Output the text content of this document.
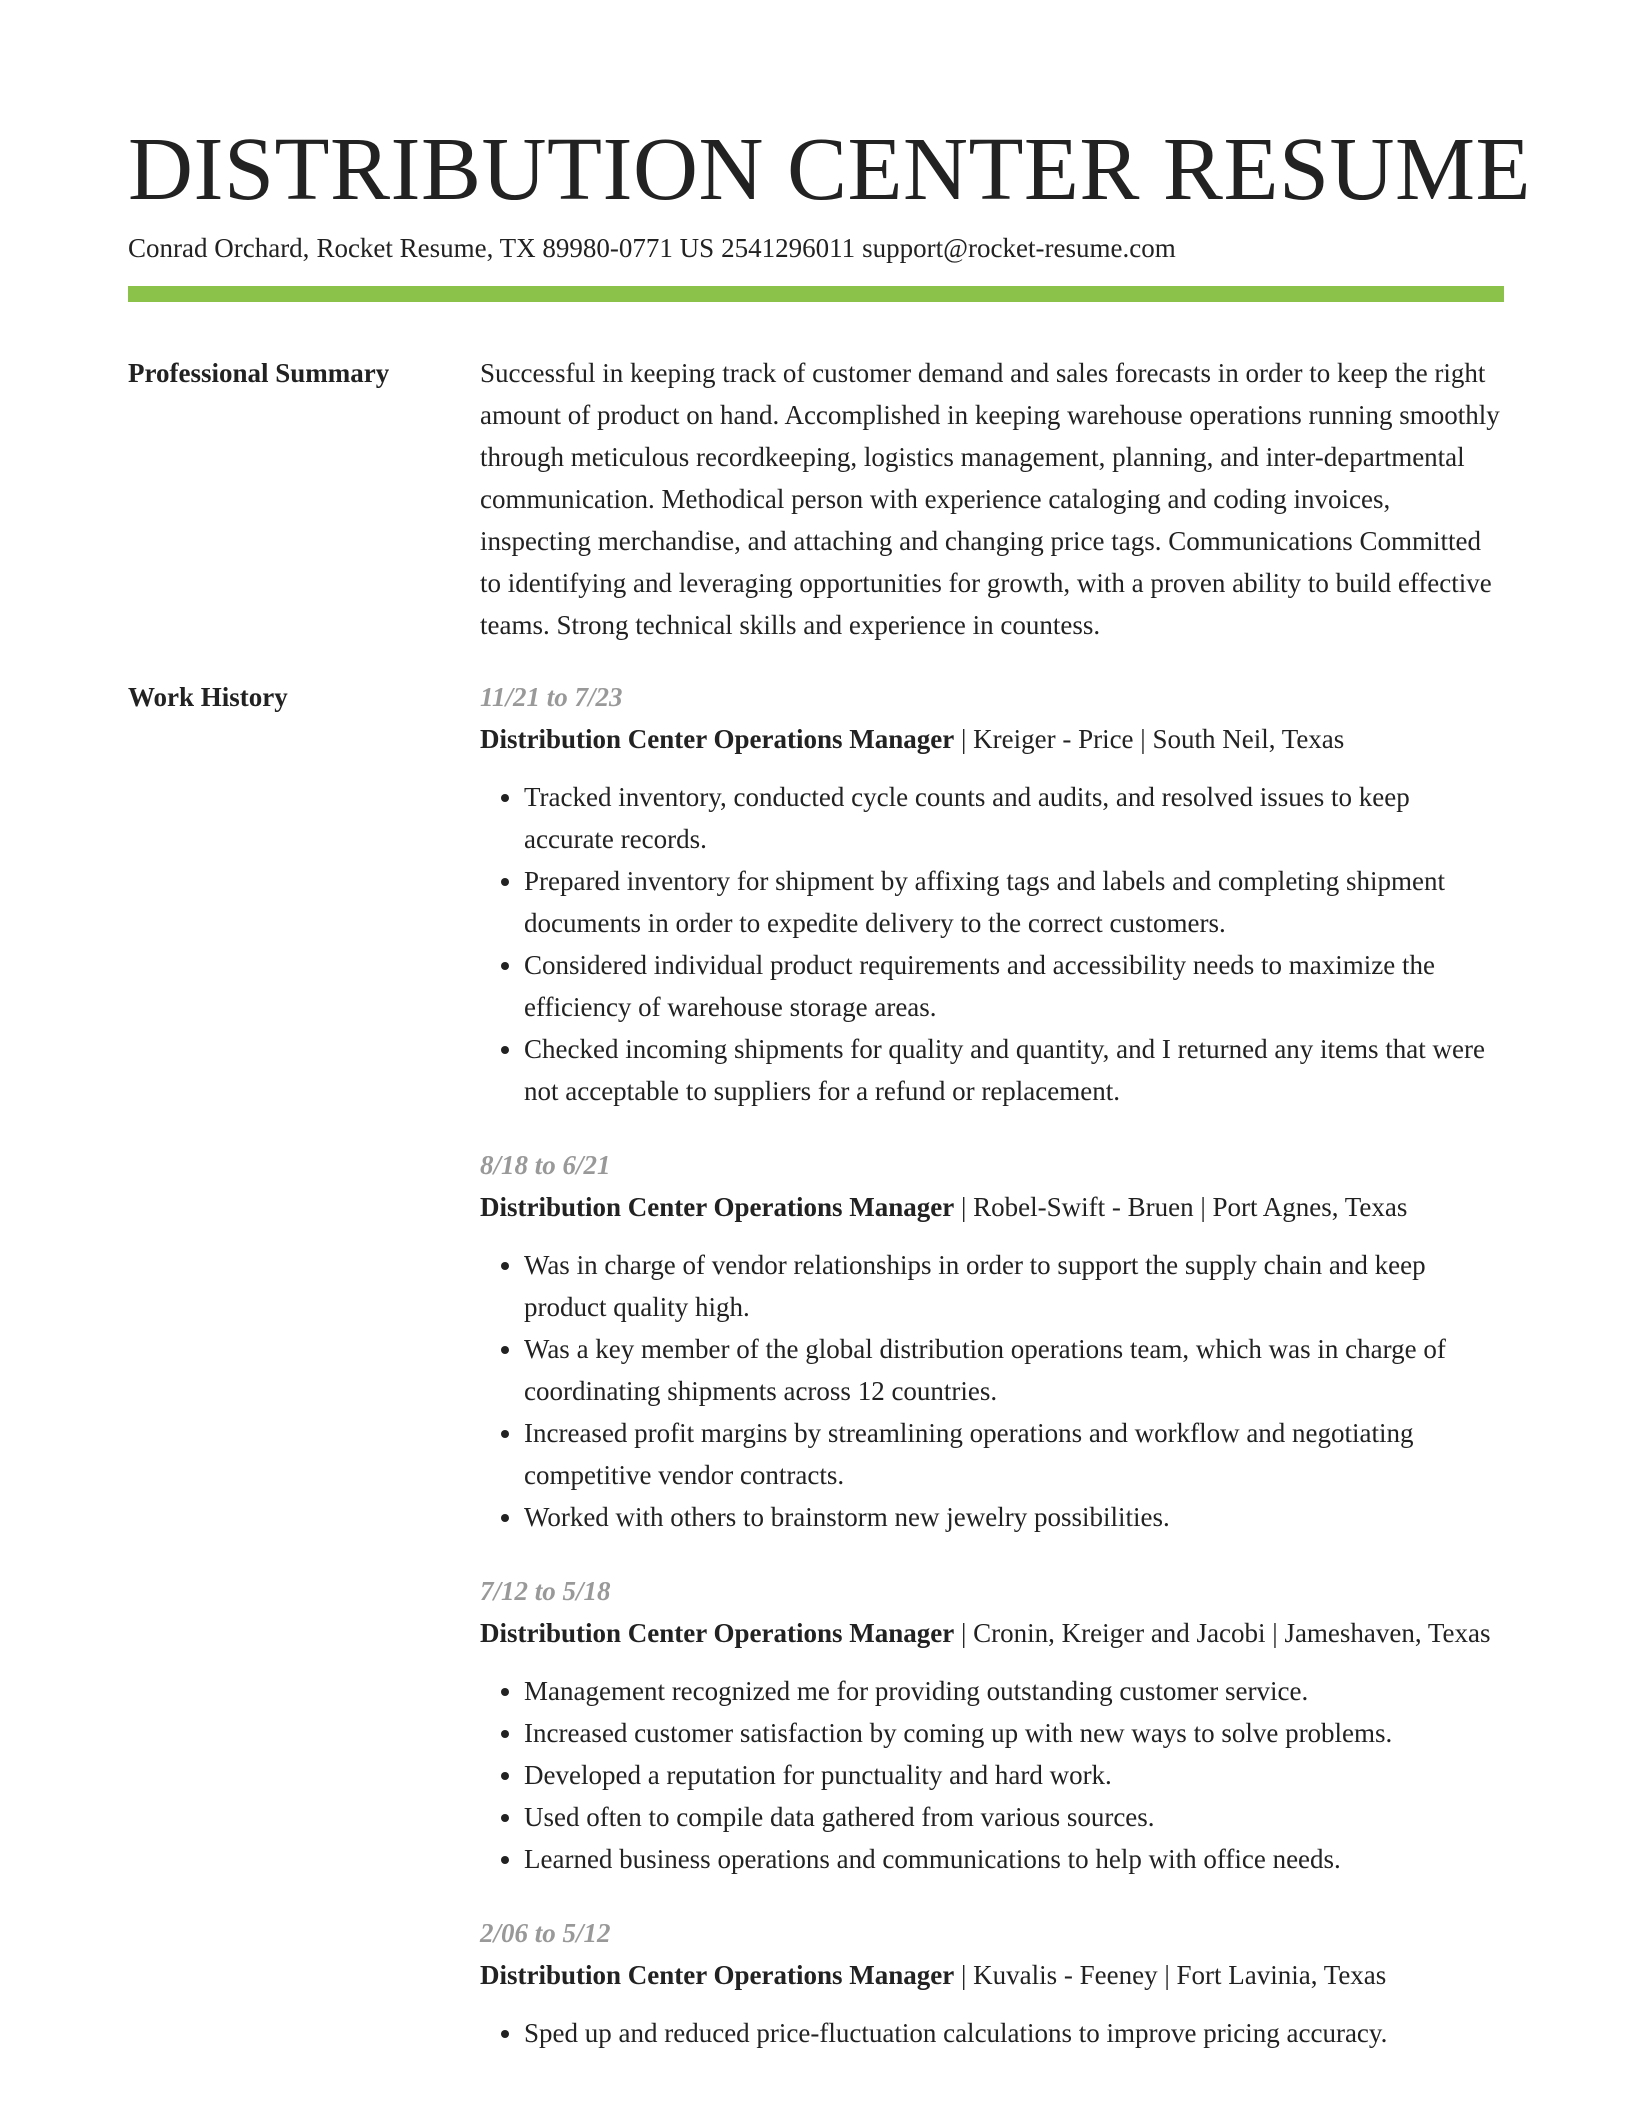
DISTRIBUTION CENTER RESUME
Conrad Orchard, Rocket Resume, TX 89980-0771 US 2541296011 support@rocket-resume.com
Professional Summary	Successful in keeping track of customer demand and sales forecasts in order to keep the right amount of product on hand. Accomplished in keeping warehouse operations running smoothly through meticulous recordkeeping, logistics management, planning, and inter-departmental communication. Methodical person with experience cataloging and coding invoices, inspecting merchandise, and attaching and changing price tags. Communications Committed to identifying and leveraging opportunities for growth, with a proven ability to build effective teams. Strong technical skills and experience in countess.
Work History	11/21 to 7/23
Distribution Center Operations Manager | Kreiger - Price | South Neil, Texas
• Tracked inventory, conducted cycle counts and audits, and resolved issues to keep accurate records.
• Prepared inventory for shipment by affixing tags and labels and completing shipment documents in order to expedite delivery to the correct customers.
• Considered individual product requirements and accessibility needs to maximize the efficiency of warehouse storage areas.
• Checked incoming shipments for quality and quantity, and I returned any items that were not acceptable to suppliers for a refund or replacement.
8/18 to 6/21
Distribution Center Operations Manager | Robel-Swift - Bruen | Port Agnes, Texas
• Was in charge of vendor relationships in order to support the supply chain and keep product quality high.
• Was a key member of the global distribution operations team, which was in charge of coordinating shipments across 12 countries.
• Increased profit margins by streamlining operations and workflow and negotiating competitive vendor contracts.
• Worked with others to brainstorm new jewelry possibilities.
7/12 to 5/18
Distribution Center Operations Manager | Cronin, Kreiger and Jacobi | Jameshaven, Texas
• Management recognized me for providing outstanding customer service.
• Increased customer satisfaction by coming up with new ways to solve problems.
• Developed a reputation for punctuality and hard work.
• Used often to compile data gathered from various sources.
• Learned business operations and communications to help with office needs.
2/06 to 5/12
Distribution Center Operations Manager | Kuvalis - Feeney | Fort Lavinia, Texas
• Sped up and reduced price-fluctuation calculations to improve pricing accuracy.
